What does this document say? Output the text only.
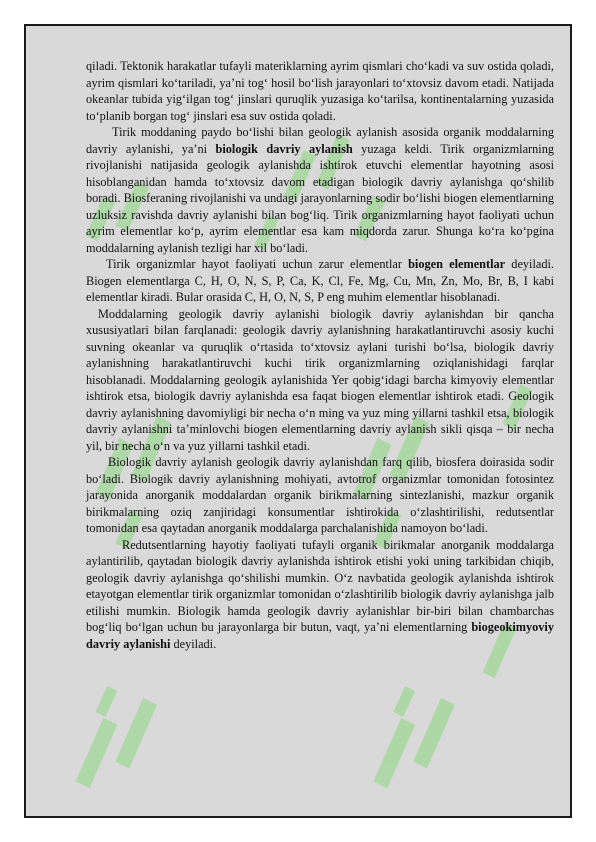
qiladi. Tektonik harakatlar tufayli materiklarning ayrim qismlari cho‘kadi va suv ostida qoladi, ayrim qismlari ko‘tariladi, ya’ni tog‘ hosil bo‘lish jarayonlari to‘xtovsiz davom etadi. Natijada okeanlar tubida yig‘ilgan tog‘ jinslari quruqlik yuzasiga ko‘tarilsa, kontinentalarning yuzasida to‘planib borgan tog‘ jinslari esa suv ostida qoladi.

Tirik moddaning paydo bo‘lishi bilan geologik aylanish asosida organik moddalarning davriy aylanishi, ya’ni biologik davriy aylanish yuzaga keldi. Tirik organizmlarning rivojlanishi natijasida geologik aylanishda ishtirok etuvchi elementlar hayotning asosi hisoblanganidan hamda to‘xtovsiz davom etadigan biologik davriy aylanishga qo‘shilib boradi. Biosferaning rivojlanishi va undagi jarayonlarning sodir bo‘lishi biogen elementlarning uzluksiz ravishda davriy aylanishi bilan bog‘liq. Tirik organizmlarning hayot faoliyati uchun ayrim elementlar ko‘p, ayrim elementlar esa kam miqdorda zarur. Shunga ko‘ra ko‘pgina moddalarning aylanish tezligi har xil bo‘ladi.

Tirik organizmlar hayot faoliyati uchun zarur elementlar biogen elementlar deyiladi. Biogen elementlarga C, H, O, N, S, P, Ca, K, Cl, Fe, Mg, Cu, Mn, Zn, Mo, Br, B, I kabi elementlar kiradi. Bular orasida C, H, O, N, S, P eng muhim elementlar hisoblanadi.

Moddalarning geologik davriy aylanishi biologik davriy aylanishdan bir qancha xususiyatlari bilan farqlanadi: geologik davriy aylanishning harakatlantiruvchi asosiy kuchi suvning okeanlar va quruqlik o‘rtasida to‘xtovsiz aylani turishi bo‘lsa, biologik davriy aylanishning harakatlantiruvchi kuchi tirik organizmlarning oziqlanishidagi farqlar hisoblanadi. Moddalarning geologik aylanishida Yer qobig‘idagi barcha kimyoviy elementlar ishtirok etsa, biologik davriy aylanishda esa faqat biogen elementlar ishtirok etadi. Geologik davriy aylanishning davomiyligi bir necha o‘n ming va yuz ming yillarni tashkil etsa, biologik davriy aylanishni ta’minlovchi biogen elementlarning davriy aylanish sikli qisqa – bir necha yil, bir necha o‘n va yuz yillarni tashkil etadi.

Biologik davriy aylanish geologik davriy aylanishdan farq qilib, biosfera doirasida sodir bo‘ladi. Biologik davriy aylanishning mohiyati, avtotrof organizmlar tomonidan fotosintez jarayonida anorganik moddalardan organik birikmalarning sintezlanishi, mazkur organik birikmalarning oziq zanjiridagi konsumentlar ishtirokida o‘zlashtirilishi, redutsentlar tomonidan esa qaytadan anorganik moddalarga parchalanishida namoyon bo‘ladi.

Redutsentlarning hayotiy faoliyati tufayli organik birikmalar anorganik moddalarga aylantirilib, qaytadan biologik davriy aylanishda ishtirok etishi yoki uning tarkibidan chiqib, geologik davriy aylanishga qo‘shilishi mumkin. O‘z navbatida geologik aylanishda ishtirok etayotgan elementlar tirik organizmlar tomonidan o‘zlashtirilib biologik davriy aylanishga jalb etilishi mumkin. Biologik hamda geologik davriy aylanishlar bir-biri bilan chambarchas bog‘liq bo‘lgan uchun bu jarayonlarga bir butun, vaqt, ya’ni elementlarning biogeokimyoviy davriy aylanishi deyiladi.
